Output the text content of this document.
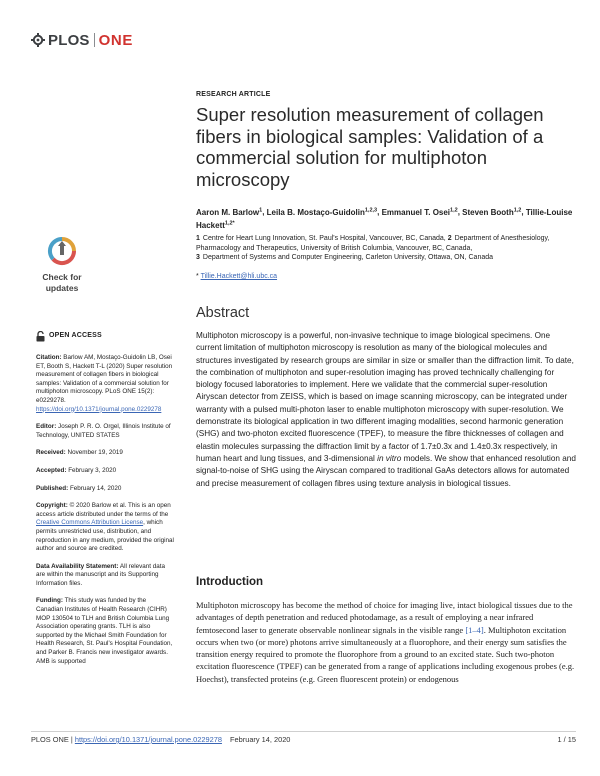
PLOS ONE
RESEARCH ARTICLE
Super resolution measurement of collagen fibers in biological samples: Validation of a commercial solution for multiphoton microscopy
Aaron M. Barlow$^1$, Leila B. Mostaço-Guidolin$^{1,2,3}$, Emmanuel T. Osei$^{1,2}$, Steven Booth$^{1,2}$, Tillie-Louise Hackett$^{1,2*}$
1 Centre for Heart Lung Innovation, St. Paul's Hospital, Vancouver, BC, Canada, 2 Department of Anesthesiology, Pharmacology and Therapeutics, University of British Columbia, Vancouver, BC, Canada,
3 Department of Systems and Computer Engineering, Carleton University, Ottawa, ON, Canada
* Tillie.Hackett@hli.ubc.ca
Check for
updates
OPEN ACCESS
Citation: Barlow AM, Mostaço-Guidolin LB, Osei ET, Booth S, Hackett T-L (2020) Super resolution measurement of collagen fibers in biological samples: Validation of a commercial solution for multiphoton microscopy. PLoS ONE 15(2): e0229278. https://doi.org/10.1371/journal.pone.0229278
Editor: Joseph P. R. O. Orgel, Illinois Institute of Technology, UNITED STATES
Received: November 19, 2019
Accepted: February 3, 2020
Published: February 14, 2020
Copyright: © 2020 Barlow et al. This is an open access article distributed under the terms of the Creative Commons Attribution License, which permits unrestricted use, distribution, and reproduction in any medium, provided the original author and source are credited.
Data Availability Statement: All relevant data are within the manuscript and its Supporting Information files.
Funding: This study was funded by the Canadian Institutes of Health Research (CIHR) MOP 130504 to TLH and British Columbia Lung Association operating grants. TLH is also supported by the Michael Smith Foundation for Health Research, St. Paul's Hospital Foundation, and Parker B. Francis new investigator awards. AMB is supported
Abstract
Multiphoton microscopy is a powerful, non-invasive technique to image biological specimens. One current limitation of multiphoton microscopy is resolution as many of the biological molecules and structures investigated by research groups are similar in size or smaller than the diffraction limit. To date, the combination of multiphoton and super-resolution imaging has proved technically challenging for biology focused laboratories to implement. Here we validate that the commercial super-resolution Airyscan detector from ZEISS, which is based on image scanning microscopy, can be integrated under warranty with a pulsed multi-photon laser to enable multiphoton microscopy with super-resolution. We demonstrate its biological application in two different imaging modalities, second harmonic generation (SHG) and two-photon excited fluorescence (TPEF), to measure the fibre thicknesses of collagen and elastin molecules surpassing the diffraction limit by a factor of 1.7±0.3x and 1.4±0.3x respectively, in human heart and lung tissues, and 3-dimensional in vitro models. We show that enhanced resolution and signal-to-noise of SHG using the Airyscan compared to traditional GaAs detectors allows for automated and precise measurement of collagen fibres using texture analysis in biological tissues.
Introduction
Multiphoton microscopy has become the method of choice for imaging live, intact biological tissues due to the advantages of depth penetration and reduced photodamage, as a result of employing a near infrared femtosecond laser to generate observable nonlinear signals in the visible range [1–4]. Multiphoton excitation occurs when two (or more) photons arrive simultaneously at a fluorophore, and their energy sum satisfies the transition energy required to promote the fluorophore from a ground to an excited state. Such two-photon excitation fluorescence (TPEF) can be generated from a range of applications including exogenous probes (e.g. Hoechst), transfected proteins (e.g. Green fluorescent protein) or endogenous
PLOS ONE | https://doi.org/10.1371/journal.pone.0229278 February 14, 2020	1 / 15
